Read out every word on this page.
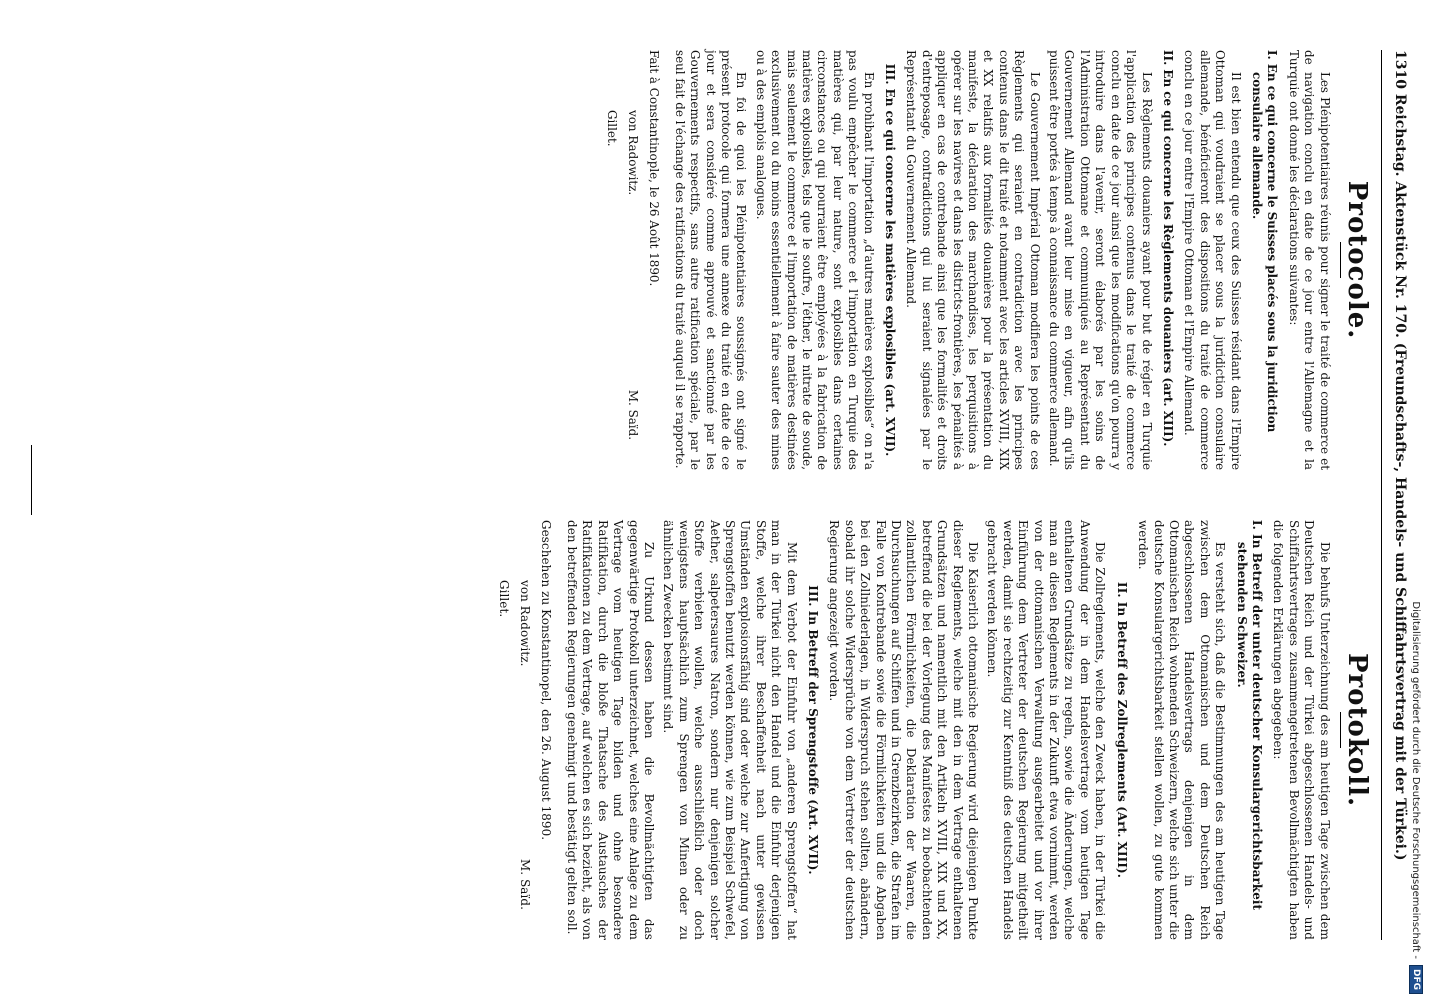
1310 Reichstag. Aktenstück Nr. 170. (Freundschafts-, Handels- und Schiffahrtsvertrag mit der Türkei.)
Protocole.

Les Plénipotentiaires réunis pour signer le traité de commerce et de navigation conclu en date de ce jour entre l'Allemagne et la Turquie ont donné les déclarations suivantes:

I. En ce qui concerne le Suisses placés sous la juridiction consulaire allemande.

Il est bien entendu que ceux des Suisses résidant dans l'Empire Ottoman qui voudraient se placer sous la juridiction consulaire allemande, bénéficieront des dispositions du traité de commerce conclu en ce jour entre l'Empire Ottoman et l'Empire Allemand.

II. En ce qui concerne les Règlements douaniers (art. XIII).

Les Règlements douaniers ayant pour but de régler en Turquie l'application des principes contenus dans le traité de commerce conclu en date de ce jour ainsi que les modifications qu'on pourra y introduire dans l'avenir, seront élaborés par les soins de l'Administration Ottomane et communiqués au Représentant du Gouvernement Allemand avant leur mise en vigueur, afin qu'ils puissent être portés à temps à connaissance du commerce allemand.

Le Gouvernement Impérial Ottoman modifiera les points de ces Règlements qui seraient en contradiction avec les principes contenus dans le dit traité et notamment avec les articles XVIII, XIX et XX relatifs aux formalités douanières pour la présentation du manifeste, la déclaration des marchandises, les perquisitions à opérer sur les navires et dans les districts-frontières, les pénalités à appliquer en cas de contrebande ainsi que les formalités et droits d'entreposage, contradictions qui lui seraient signalées par le Représentant du Gouvernement Allemand.

III. En ce qui concerne les matières explosibles (art. XVII).

En prohibant l'importation „d'autres matières explosibles“ on n'a pas voulu empêcher le commerce et l'importation en Turquie des matières qui, par leur nature, sont explosibles dans certaines circonstances ou qui pourraient être employées à la fabrication de matières explosibles, tels que le soufre, l'éther, le nitrate de soude, mais seulement le commerce et l'importation de matières destinées exclusivement ou du moins essentiellement à faire sauter des mines ou à des emplois analogues.

En foi de quoi les Plénipotentiaires soussignés ont signé le présent protocole qui formera une annexe du traité en date de ce jour et sera considéré comme approuvé et sanctionné par les Gouvernements respectifs, sans autre ratification spéciale, par le seul fait de l'échange des ratifications du traité auquel il se rapporte.

Fait à Constantinople, le 26 Août 1890.

von Radowitz.
M. Saïd.
Gillet.
Protokoll.

Die behufs Unterzeichnung des am heutigen Tage zwischen dem Deutschen Reich und der Türkei abgeschlossenen Handels- und Schiffahrtsvertrages zusammengetretenen Bevollmächtigten haben die folgenden Erklärungen abgegeben:

I. In Betreff der unter deutscher Konsulargerichtsbarkeit stehenden Schweizer.

Es versteht sich, daß die Bestimmungen des am heutigen Tage zwischen dem Ottomanischen und dem Deutschen Reich abgeschlossenen Handelsvertrags denjenigen in dem Ottomanischen Reich wohnenden Schweizern, welche sich unter die deutsche Konsulargerichtsbarkeit stellen wollen, zu gute kommen werden.

II. In Betreff des Zollreglements (Art. XIII).

Die Zollreglements, welche den Zweck haben, in der Türkei die Anwendung der in dem Handelsvertrage vom heutigen Tage enthaltenen Grundsätze zu regeln, sowie die Änderungen, welche man an diesen Reglements in der Zukunft etwa vornimmt, werden von der ottomanischen Verwaltung ausgearbeitet und vor ihrer Einführung dem Vertreter der deutschen Regierung mitgetheilt werden, damit sie rechtzeitig zur Kenntniß des deutschen Handels gebracht werden können.

Die Kaiserlich ottomanische Regierung wird diejenigen Punkte dieser Reglements, welche mit den in dem Vertrage enthaltenen Grundsätzen und namentlich mit den Artikeln XVIII, XIX und XX, betreffend die bei der Vorlegung des Manifestes zu beobachtenden zollamtlichen Förmlichkeiten, die Deklaration der Waaren, die Durchsuchungen auf Schiffen und in Grenzbezirken, die Strafen im Falle von Kontrebande sowie die Förmlichkeiten und die Abgaben bei den Zollniederlagen, in Widerspruch stehen sollten, abändern, sobald ihr solche Widersprüche von dem Vertreter der deutschen Regierung angezeigt worden.

III. In Betreff der Sprengstoffe (Art. XVII).

Mit dem Verbot der Einfuhr von „anderen Sprengstoffen“ hat man in der Türkei nicht den Handel und die Einfuhr derjenigen Stoffe, welche ihrer Beschaffenheit nach unter gewissen Umständen explosionsfähig sind oder welche zur Anfertigung von Sprengstoffen benutzt werden können, wie zum Beispiel Schwefel, Aether, salpetersaures Natron, sondern nur denjenigen solcher Stoffe verbieten wollen, welche ausschließlich oder doch wenigstens hauptsächlich zum Sprengen von Minen oder zu ähnlichen Zwecken bestimmt sind.

Zu Urkund dessen haben die Bevollmächtigten das gegenwärtige Protokoll unterzeichnet, welches eine Anlage zu dem Vertrage vom heutigen Tage bilden und ohne besondere Ratifikation, durch die bloße Thatsache des Austausches der Ratifikationen zu dem Vertrage, auf welchen es sich bezieht, als von den betreffenden Regierungen genehmigt und bestätigt gelten soll.

Geschehen zu Konstantinopel, den 26. August 1890.

von Radowitz.
M. Saïd.
Gillet.
Digitalisierung gefördert durch die Deutsche Forschungsgemeinschaft -
DFG
